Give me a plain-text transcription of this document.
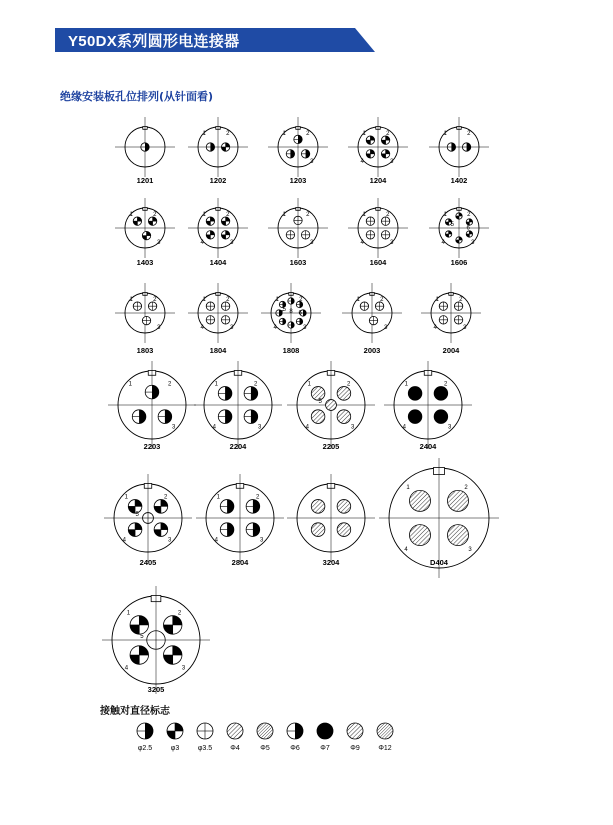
Y50DX系列圆形电连接器
绝缘安装板孔位排列(从针面看)
1201
1	2
1202
1	2
3
1203
1	2
3
4
1204
1	2
1402
1	2
3
1403
1	2
3
4
1404
1	2
3
1603
1	2
3
4
1604
1	2
3
4
5
6
1606
1	2
3
1803
1	2
3
4
1804
1	2
3
4
5
6
7 8
1808
1	2
3
2003
1	2
3
4
2004
1	2
3
2203
1	2
3
4
2204
1	2
3
4
5
2205
1	2
3
4
2404
1	2
3
4
5
2405
1	2
3
4
2804	3204
1	2
3
4
D404
1	2
3
4
5
3205
φ2.5	φ3	φ3.5	Φ4	Φ5	Φ6	Φ7	Φ9	Φ12
接触对直径标志
